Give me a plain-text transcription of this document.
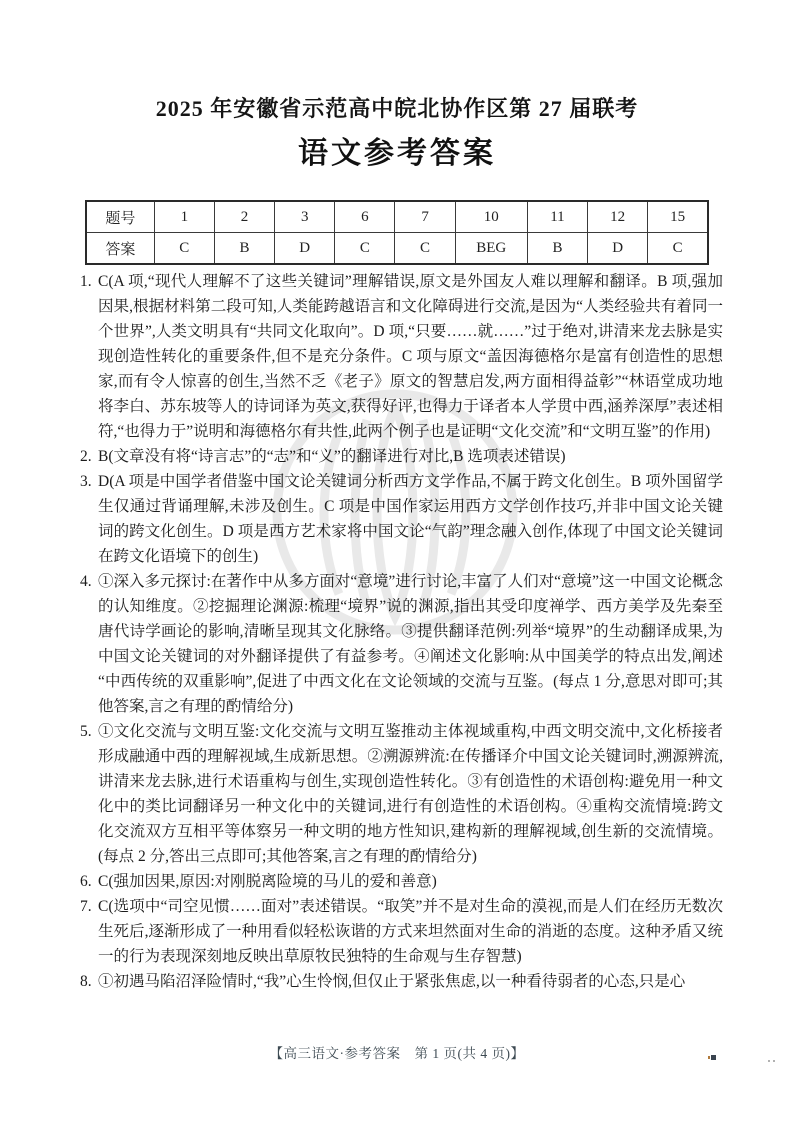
2025 年安徽省示范高中皖北协作区第 27 届联考
语文参考答案
题号	1	2	3	6	7	10	11	12	15
答案	C	B	D	C	C	BEG	B	D	C
1. C(A 项,“现代人理解不了这些关键词”理解错误,原文是外国友人难以理解和翻译。B 项,强加因果,根据材料第二段可知,人类能跨越语言和文化障碍进行交流,是因为“人类经验共有着同一个世界”,人类文明具有“共同文化取向”。D 项,“只要……就……”过于绝对,讲清来龙去脉是实现创造性转化的重要条件,但不是充分条件。C 项与原文“盖因海德格尔是富有创造性的思想家,而有令人惊喜的创生,当然不乏《老子》原文的智慧启发,两方面相得益彰”“林语堂成功地将李白、苏东坡等人的诗词译为英文,获得好评,也得力于译者本人学贯中西,涵养深厚”表述相符,“也得力于”说明和海德格尔有共性,此两个例子也是证明“文化交流”和“文明互鉴”的作用)
2. B(文章没有将“诗言志”的“志”和“义”的翻译进行对比,B 选项表述错误)
3. D(A 项是中国学者借鉴中国文论关键词分析西方文学作品,不属于跨文化创生。B 项外国留学生仅通过背诵理解,未涉及创生。C 项是中国作家运用西方文学创作技巧,并非中国文论关键词的跨文化创生。D 项是西方艺术家将中国文论“气韵”理念融入创作,体现了中国文论关键词在跨文化语境下的创生)
4. ①深入多元探讨:在著作中从多方面对“意境”进行讨论,丰富了人们对“意境”这一中国文论概念的认知维度。②挖掘理论渊源:梳理“境界”说的渊源,指出其受印度禅学、西方美学及先秦至唐代诗学画论的影响,清晰呈现其文化脉络。③提供翻译范例:列举“境界”的生动翻译成果,为中国文论关键词的对外翻译提供了有益参考。④阐述文化影响:从中国美学的特点出发,阐述“中西传统的双重影响”,促进了中西文化在文论领域的交流与互鉴。(每点 1 分,意思对即可;其他答案,言之有理的酌情给分)
5. ①文化交流与文明互鉴:文化交流与文明互鉴推动主体视域重构,中西文明交流中,文化桥接者形成融通中西的理解视域,生成新思想。②溯源辨流:在传播译介中国文论关键词时,溯源辨流,讲清来龙去脉,进行术语重构与创生,实现创造性转化。③有创造性的术语创构:避免用一种文化中的类比词翻译另一种文化中的关键词,进行有创造性的术语创构。④重构交流情境:跨文化交流双方互相平等体察另一种文明的地方性知识,建构新的理解视域,创生新的交流情境。(每点 2 分,答出三点即可;其他答案,言之有理的酌情给分)
6. C(强加因果,原因:对刚脱离险境的马儿的爱和善意)
7. C(选项中“司空见惯……面对”表述错误。“取笑”并不是对生命的漠视,而是人们在经历无数次生死后,逐渐形成了一种用看似轻松诙谐的方式来坦然面对生命的消逝的态度。这种矛盾又统一的行为表现深刻地反映出草原牧民独特的生命观与生存智慧)
8. ①初遇马陷沼泽险情时,“我”心生怜悯,但仅止于紧张焦虑,以一种看待弱者的心态,只是心
【高三语文·参考答案　第 1 页(共 4 页)】
